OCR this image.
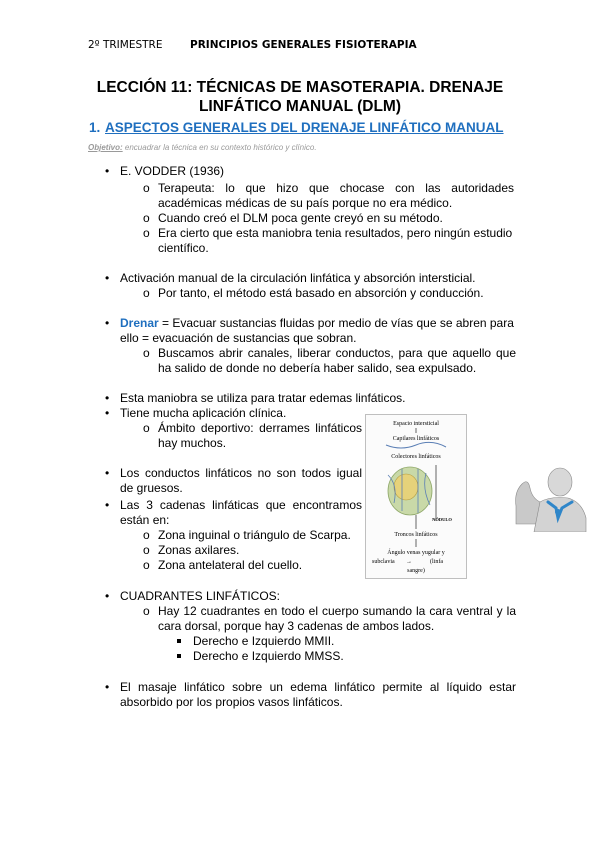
2º TRIMESTRE	PRINCIPIOS GENERALES FISIOTERAPIA
LECCIÓN 11: TÉCNICAS DE MASOTERAPIA. DRENAJE
LINFÁTICO MANUAL (DLM)
1. ASPECTOS GENERALES DEL DRENAJE LINFÁTICO MANUAL
Objetivo: encuadrar la técnica en su contexto histórico y clínico.
• E. VODDER (1936)
o Terapeuta: lo que hizo que chocase con las autoridades académicas médicas de su país porque no era médico.
o Cuando creó el DLM poca gente creyó en su método.
o Era cierto que esta maniobra tenia resultados, pero ningún estudio científico.
• Activación manual de la circulación linfática y absorción intersticial.
o Por tanto, el método está basado en absorción y conducción.
• Drenar = Evacuar sustancias fluidas por medio de vías que se abren para ello = evacuación de sustancias que sobran.
o Buscamos abrir canales, liberar conductos, para que aquello que ha salido de donde no debería haber salido, sea expulsado.
• Esta maniobra se utiliza para tratar edemas linfáticos.
• Tiene mucha aplicación clínica.
o Ámbito deportivo: derrames linfáticos hay muchos.
• Los conductos linfáticos no son todos igual de gruesos.
• Las 3 cadenas linfáticas que encontramos están en:
o Zona inguinal o triángulo de Scarpa.
o Zonas axilares.
o Zona antelateral del cuello.
• CUADRANTES LINFÁTICOS:
o Hay 12 cuadrantes en todo el cuerpo sumando la cara ventral y la cara dorsal, porque hay 3 cadenas de ambos lados.
Derecho e Izquierdo MMII.
Derecho e Izquierdo MMSS.
• El masaje linfático sobre un edema linfático permite al líquido estar absorbido por los propios vasos linfáticos.
Espacio intersticial
Capilares linfáticos
Colectores linfáticos
NÓDULO
Troncos linfáticos
Ángulo venas yugular y
subclavia →	(linfa
sangre)
